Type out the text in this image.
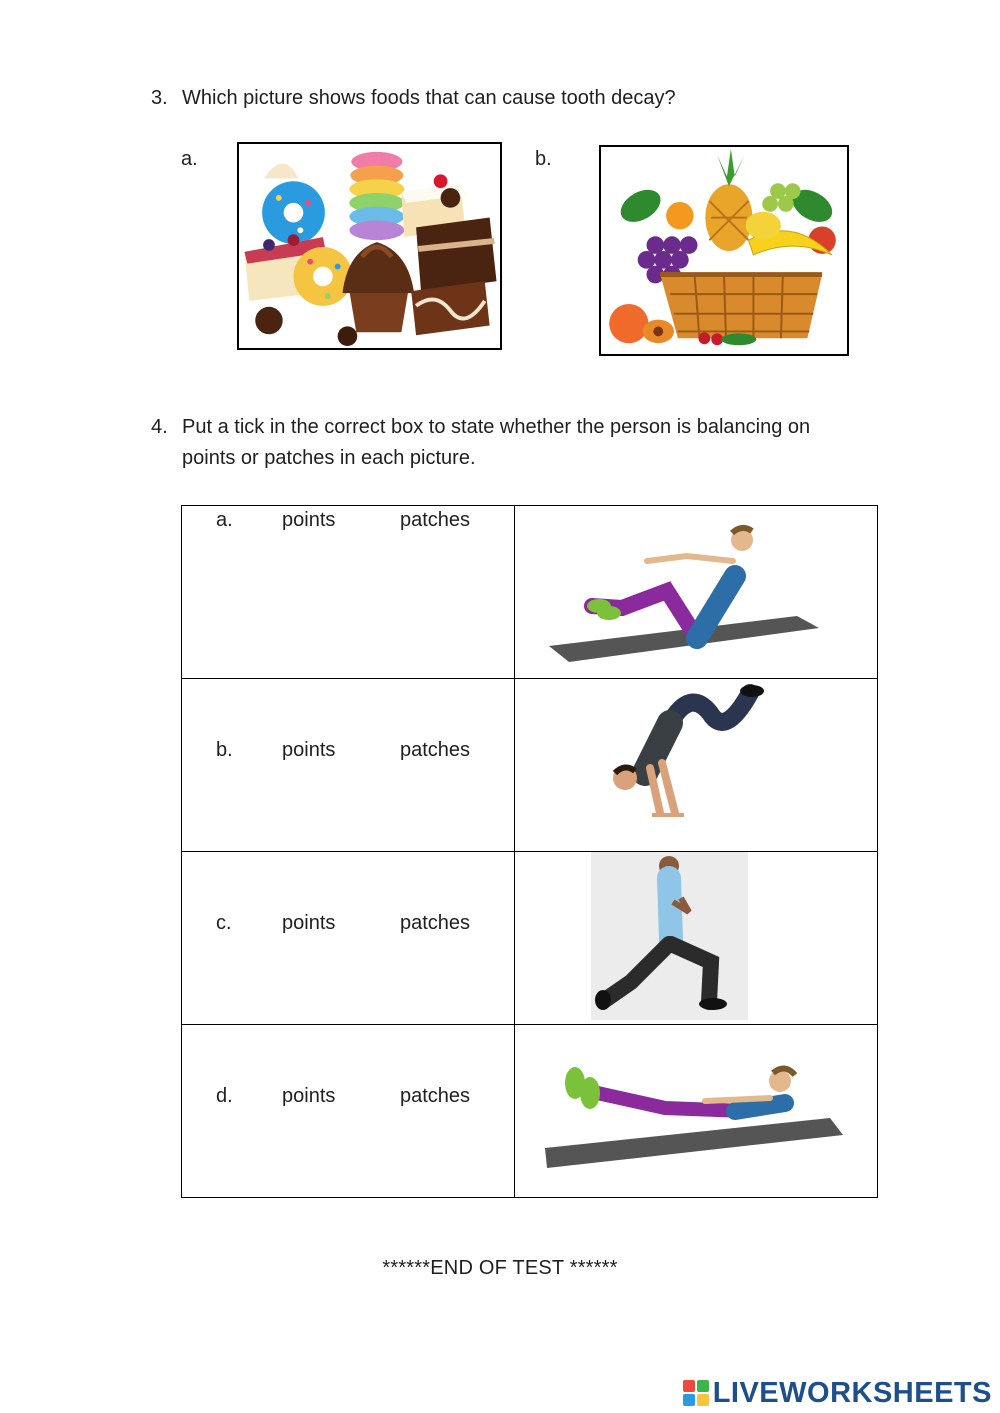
3. Which picture shows foods that can cause tooth decay?
a.	b.
4. Put a tick in the correct box to state whether the person is balancing on
points or patches in each picture.
a. points patches

b. points patches

c. points patches

d. points patches

******END OF TEST ******
LIVEWORKSHEETS
